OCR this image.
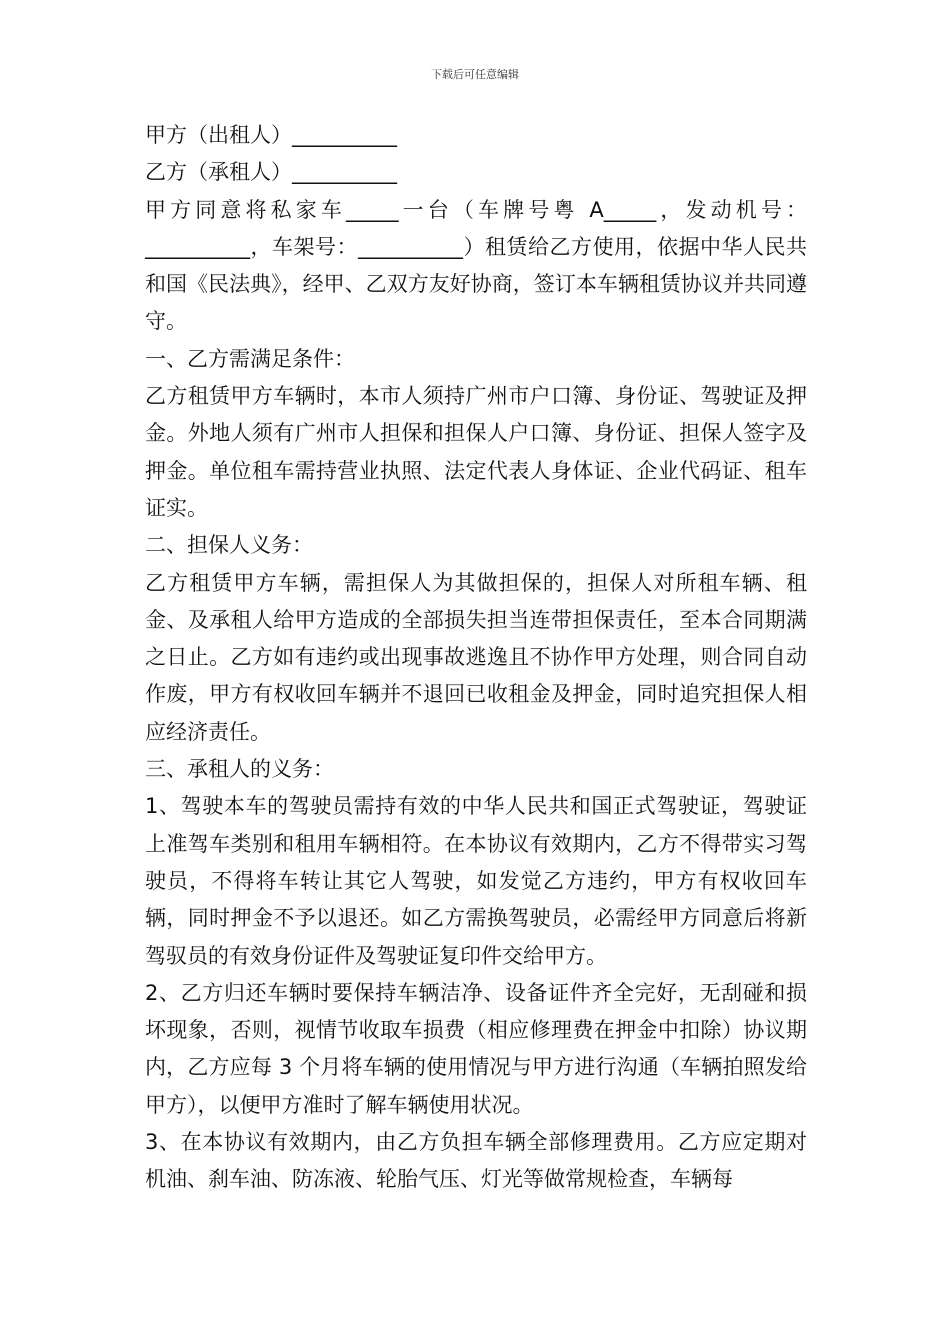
下载后可任意编辑

甲方（出租人）__________

乙方（承租人）__________

甲方同意将私家车_____一台（车牌号粤 A_____，发动机号：__________，车架号：__________）租赁给乙方使用，依据中华人民共和国《民法典》，经甲、乙双方友好协商，签订本车辆租赁协议并共同遵守。

一、乙方需满足条件：

乙方租赁甲方车辆时，本市人须持广州市户口簿、身份证、驾驶证及押金。外地人须有广州市人担保和担保人户口簿、身份证、担保人签字及押金。单位租车需持营业执照、法定代表人身体证、企业代码证、租车证实。

二、担保人义务：

乙方租赁甲方车辆，需担保人为其做担保的，担保人对所租车辆、租金、及承租人给甲方造成的全部损失担当连带担保责任，至本合同期满之日止。乙方如有违约或出现事故逃逸且不协作甲方处理，则合同自动作废，甲方有权收回车辆并不退回已收租金及押金，同时追究担保人相应经济责任。

三、承租人的义务：

1、驾驶本车的驾驶员需持有效的中华人民共和国正式驾驶证，驾驶证上准驾车类别和租用车辆相符。在本协议有效期内，乙方不得带实习驾驶员，不得将车转让其它人驾驶，如发觉乙方违约，甲方有权收回车辆，同时押金不予以退还。如乙方需换驾驶员，必需经甲方同意后将新驾驭员的有效身份证件及驾驶证复印件交给甲方。

2、乙方归还车辆时要保持车辆洁净、设备证件齐全完好，无刮碰和损坏现象，否则，视情节收取车损费（相应修理费在押金中扣除）协议期内，乙方应每 3 个月将车辆的使用情况与甲方进行沟通（车辆拍照发给甲方），以便甲方准时了解车辆使用状况。

3、在本协议有效期内，由乙方负担车辆全部修理费用。乙方应定期对机油、刹车油、防冻液、轮胎气压、灯光等做常规检查，车辆每
